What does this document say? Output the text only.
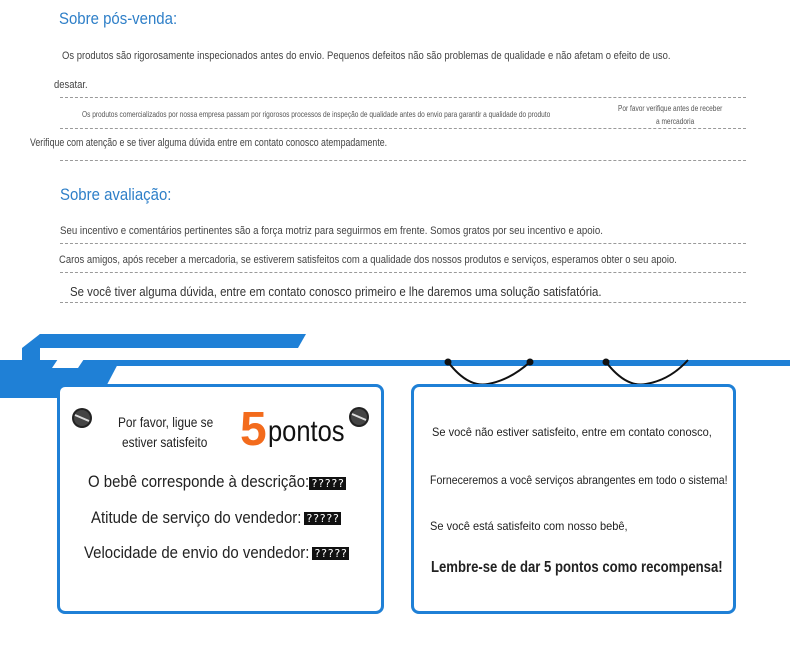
Sobre pós-venda:
Os produtos são rigorosamente inspecionados antes do envio. Pequenos defeitos não são problemas de qualidade e não afetam o efeito de uso.
desatar.
Os produtos comercializados por nossa empresa passam por rigorosos processos de inspeção de qualidade antes do envio para garantir a qualidade do produto
Por favor verifique antes de receber
a mercadoria
Verifique com atenção e se tiver alguma dúvida entre em contato conosco atempadamente.
Sobre avaliação:
Seu incentivo e comentários pertinentes são a força motriz para seguirmos em frente. Somos gratos por seu incentivo e apoio.
Caros amigos, após receber a mercadoria, se estiverem satisfeitos com a qualidade dos nossos produtos e serviços, esperamos obter o seu apoio.
Se você tiver alguma dúvida, entre em contato conosco primeiro e lhe daremos uma solução satisfatória.
Por favor, ligue se
estiver satisfeito 5 pontos
O bebê corresponde à descrição: ?????
Atitude de serviço do vendedor: ?????
Velocidade de envio do vendedor: ?????
Se você não estiver satisfeito, entre em contato conosco,
Forneceremos a você serviços abrangentes em todo o sistema!
Se você está satisfeito com nosso bebê,
Lembre-se de dar 5 pontos como recompensa!
